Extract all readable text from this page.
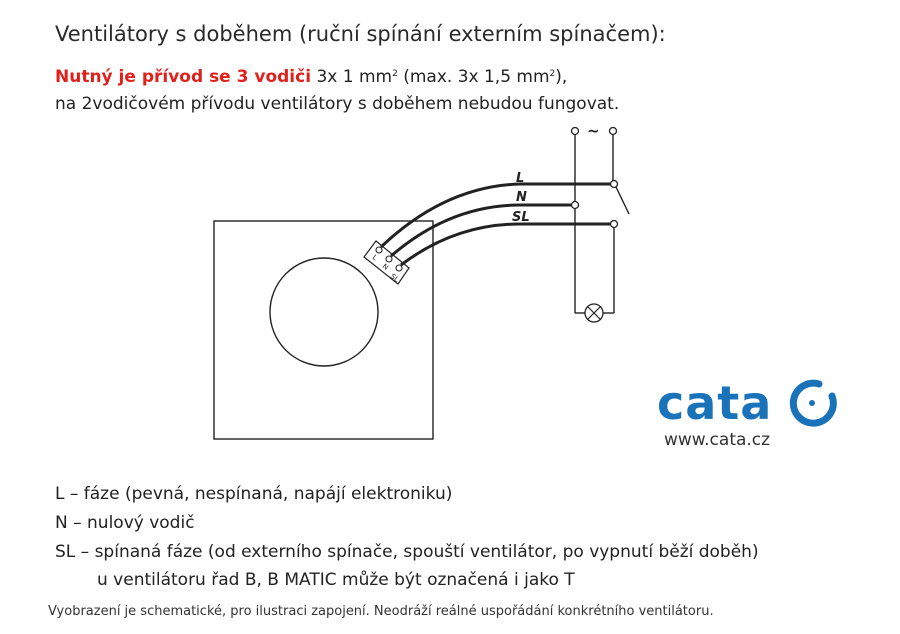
Ventilátory s doběhem (ruční spínání externím spínačem):
Nutný je přívod se 3 vodiči 3x 1 $mm^2$ (max. 3x 1,5 $mm^2$),
na 2vodičovém přívodu ventilátory s doběhem nebudou fungovat.
L
N
SL
L
N
SL
~
cata
www.cata.cz
L – fáze (pevná, nespínaná, napájí elektroniku)
N – nulový vodič
SL – spínaná fáze (od externího spínače, spouští ventilátor, po vypnutí běží doběh)
u ventilátoru řad B, B MATIC může být označená i jako T
Vyobrazení je schematické, pro ilustraci zapojení. Neodráží reálné uspořádání konkrétního ventilátoru.
